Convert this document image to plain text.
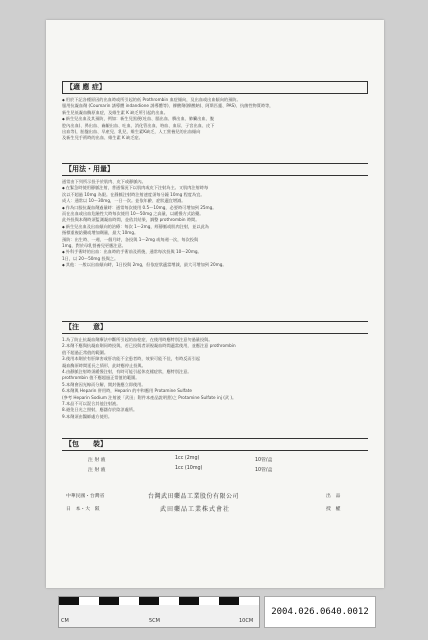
【適 應 症】
◆ 用於下記各種原因的出血時或所引起的低 Prothrombin 血症傾向，及出血或出血傾向的預防。
服用抗凝血劑 (Coumarin 誘導體 indandione 誘導體等)、柳酸劑(柳酸鈉)、阿斯匹靈、PAS)、抗菌性物質時等，
新生兒低凝血酶原血症，及維生素 K 缺乏所引起的出血。
◆ 新生兒出血及其預防，例如：新生兒黑便(吐血、腦出血、臍出血、肺臟出血、腹
腔內出血)、鼻出血、齒齦出血、吐血、消化管出血、咯血、血尿、子宮出血、皮下
出血等)，胎盤出血、早產兒、乳兒、維生素K缺乏，人工營養兒的出血傾向
及新生兒手術時的出血、維生素 K 缺乏症。
【用法・用量】
通常由下列所示投予於肌肉、皮下或靜脈內。
◆ 在緊急時使用靜脈注射，普通情況下以肌肉或皮下注射為主。又肌肉注射時每
次以不超過 10mg 為限。在靜脈注射時注射速度須每分鐘 10mg 程度為宜。
成人：通常以 10～30mg，一日一次。並依年齡、症狀適宜增減。
◆ 作為口服抗凝血劑過量時：通常每次使用 0.5～10mg，必要時可增加到 25mg。
而在出血或出血危險性大時每次使用 10～50mg 之高量，以緩慢方式給藥。
此外投與本劑時須監測凝血時間，並依其結果，調整 prothrombin 時間。
◆ 新生兒出血及出血傾向的治療：每次 1～2mg，經靜脈或肌肉注射，並以此為
指標重複給藥或增加劑量，最大 10mg。
預防：出生時、一週、一個月時，各投與 1～2mg 或每週一次，每次投與
1mg，對於母乳營養兒更應注意。
◆ 外科手術時的出血：出血時的手術前及術後，通常每次投與 10～20mg。
1日，以 20～50mg 投與之。
◆ 其他：一般以出血傾向時，1日投與 2mg，但依症狀適當增減，最大可增加到 20mg。
【注　　意】
1.為了防止抗凝血劑療法中斷所引起的血栓症，在使用時應特別注意勿過量投與。
2.本劑不應與抗凝血劑同時投與，若已投與者須視凝血時間適當使用，並應注意 prothrombin
值不超過正常值的範圍。
3.使用本劑於有肝障害或肝功能不全患者時，效果可能不佳，有時反而引起
凝血酶原時間延長之情形，此時應停止投與。
4.由靜脈注射時須緩慢注射，有時可能引起休克樣症狀，應特別注意。
prothrombin 值不應超過正常值的範圍。
5.本劑會因光線而分解，開封後應立即使用。
6.本劑與 Heparin 併用時，Heparin 的中和應用 Protamine Sulfate
(參考 Heparin Sodium 注射液「武田」附件本產品說明書)之 Protamine Sulfate inj (武 )。
7.本品不可以混合其他注射液。
8.避免日光之照射，應儲存於陰涼處所。
9.本劑須由醫師處方使用。
【包　　裝】
注 射 液	1cc (2mg)	10管/盒
注 射 液	1cc (10mg)	10管/盒
中華民國・台灣省	台灣武田藥品工業股份有限公司	出　品
日　本・大　阪	武田藥品工業株式會社	授　權
CM	5CM	10CM
2004.026.0640.0012
